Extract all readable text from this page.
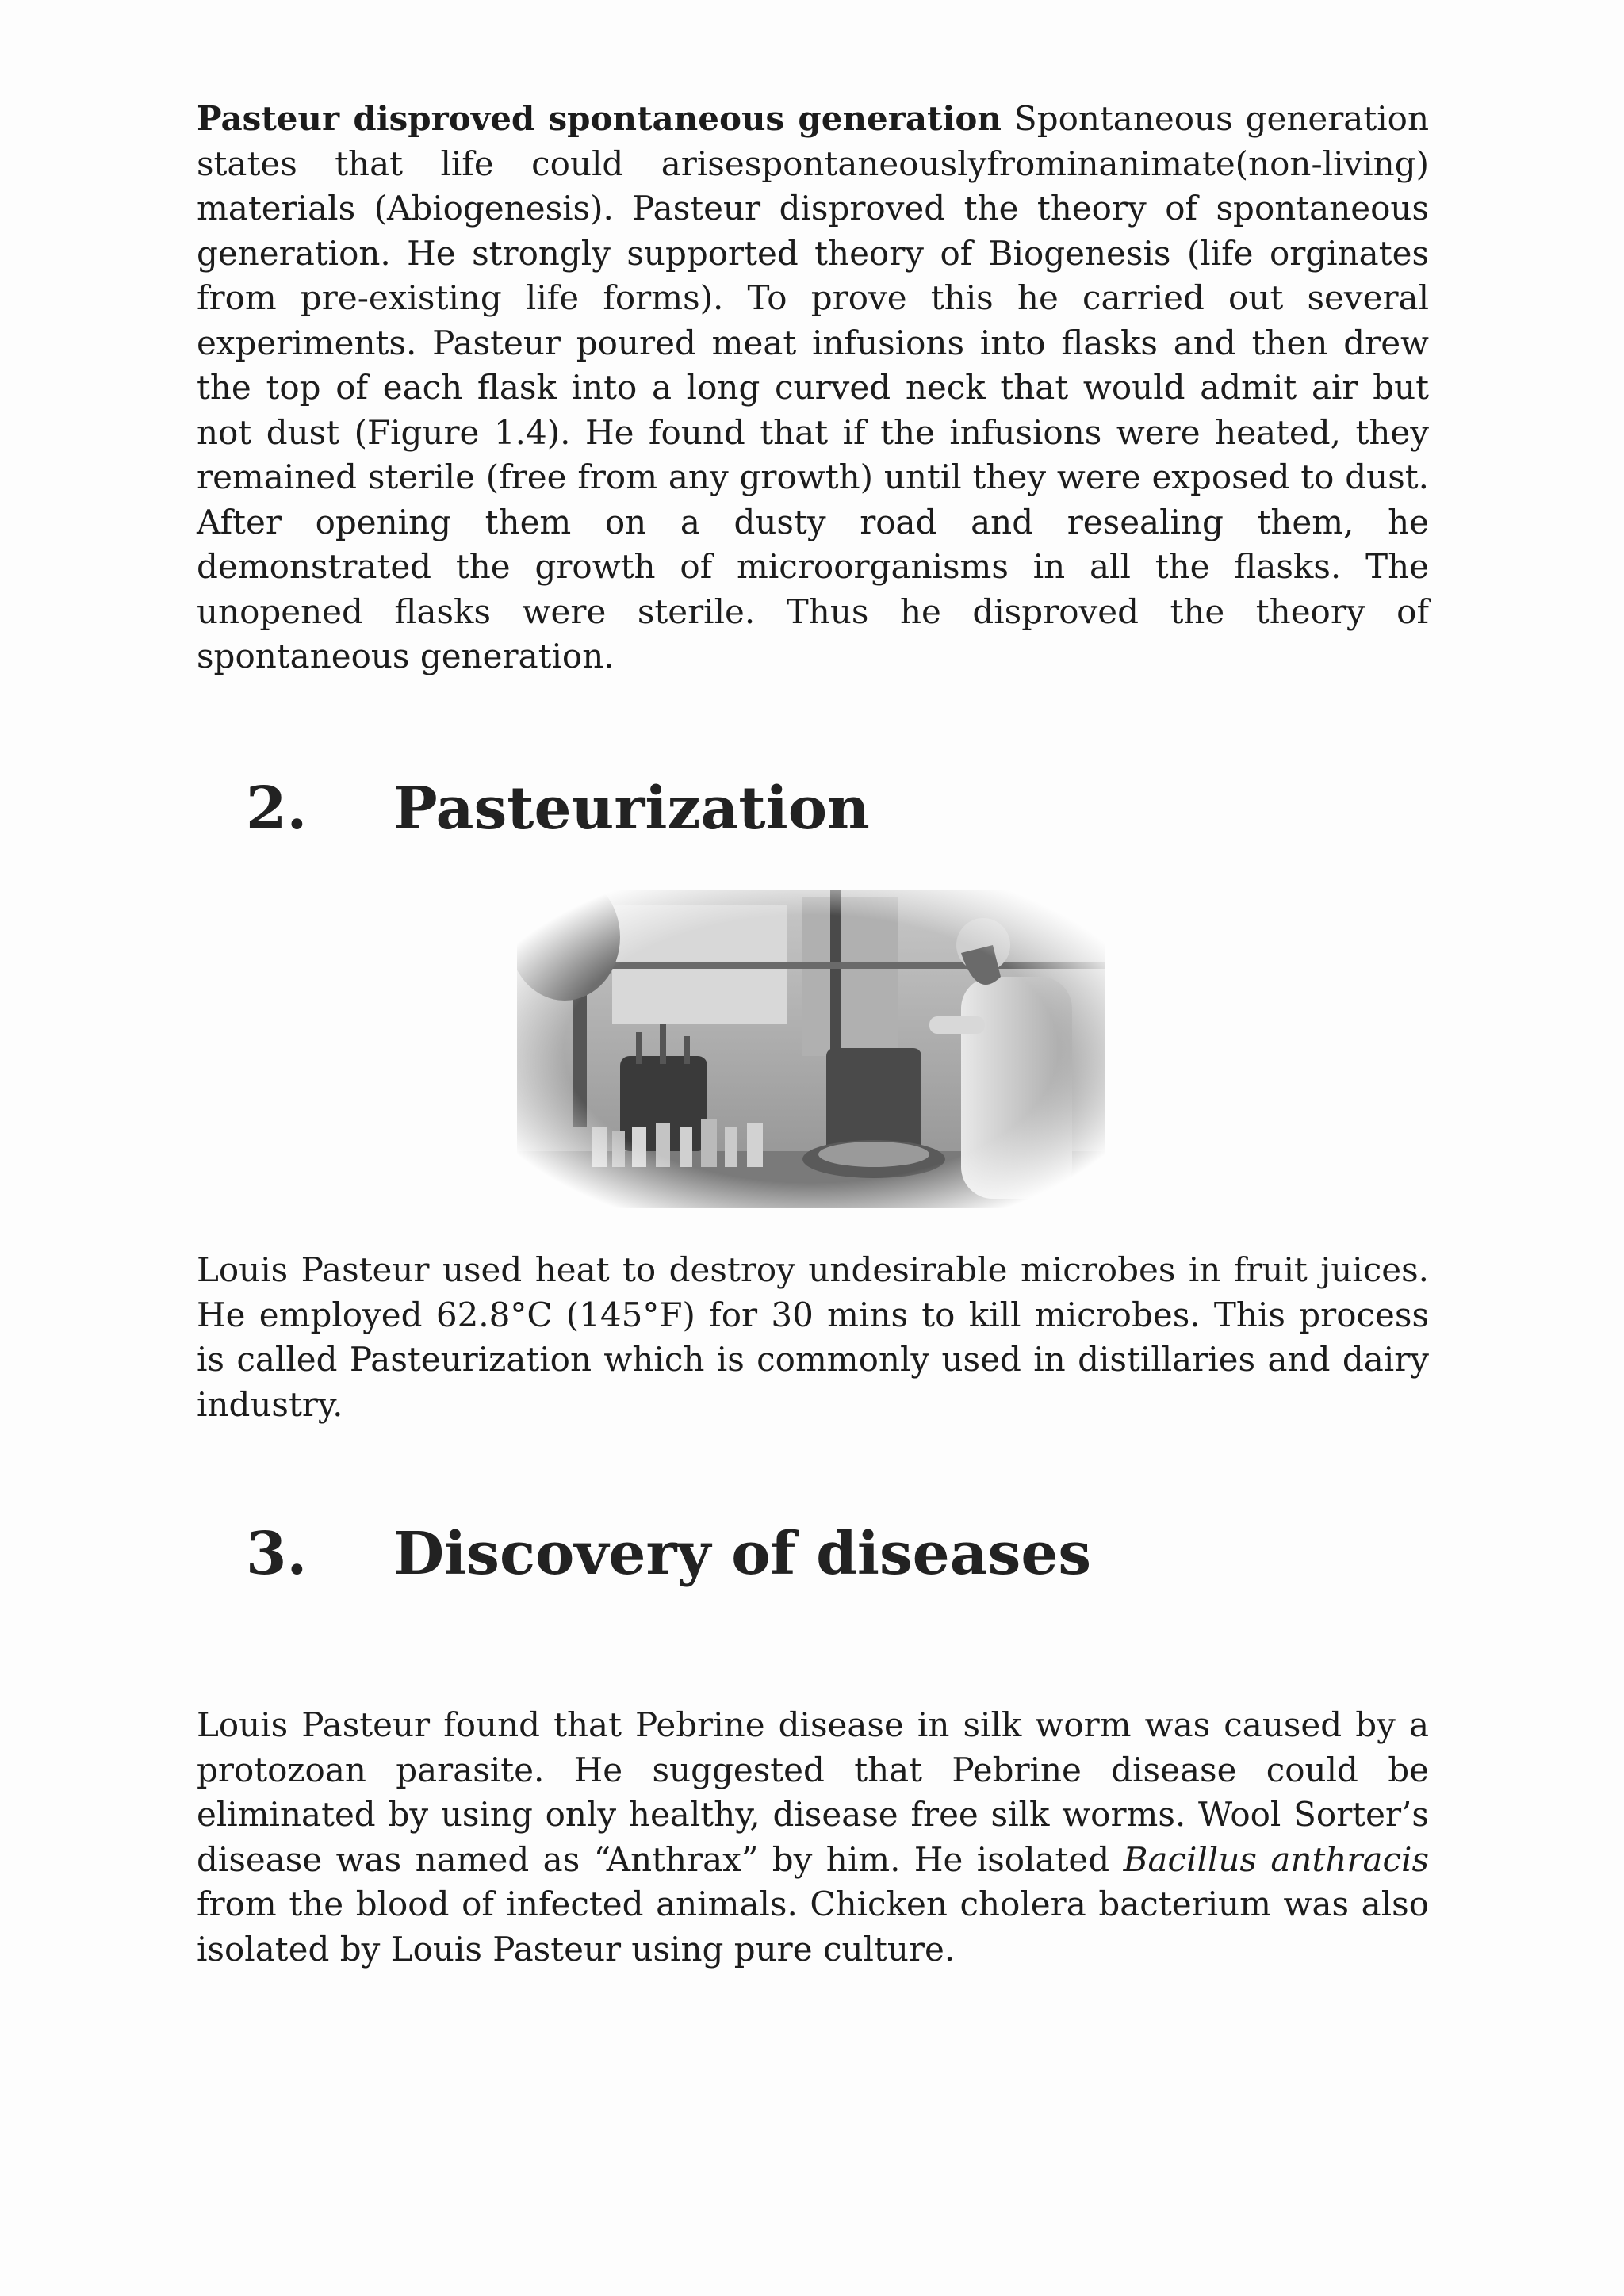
Pasteur disproved spontaneous generation Spontaneous generation states that life could arisespontaneouslyfrominanimate(non-living) materials (Abiogenesis). Pasteur disproved the theory of spontaneous generation. He strongly supported theory of Biogenesis (life orginates from pre-existing life forms). To prove this he carried out several experiments. Pasteur poured meat infusions into flasks and then drew the top of each flask into a long curved neck that would admit air but not dust (Figure 1.4). He found that if the infusions were heated, they remained sterile (free from any growth) until they were exposed to dust. After opening them on a dusty road and resealing them, he demonstrated the growth of microorganisms in all the flasks. The unopened flasks were sterile. Thus he disproved the theory of spontaneous generation.

2. Pasteurization

Louis Pasteur used heat to destroy undesirable microbes in fruit juices. He employed 62.8°C (145°F) for 30 mins to kill microbes. This process is called Pasteurization which is commonly used in distillaries and dairy industry.

3. Discovery of diseases

Louis Pasteur found that Pebrine disease in silk worm was caused by a protozoan parasite. He suggested that Pebrine disease could be eliminated by using only healthy, disease free silk worms. Wool Sorter’s disease was named as “Anthrax” by him. He isolated Bacillus anthracis from the blood of infected animals. Chicken cholera bacterium was also isolated by Louis Pasteur using pure culture.
